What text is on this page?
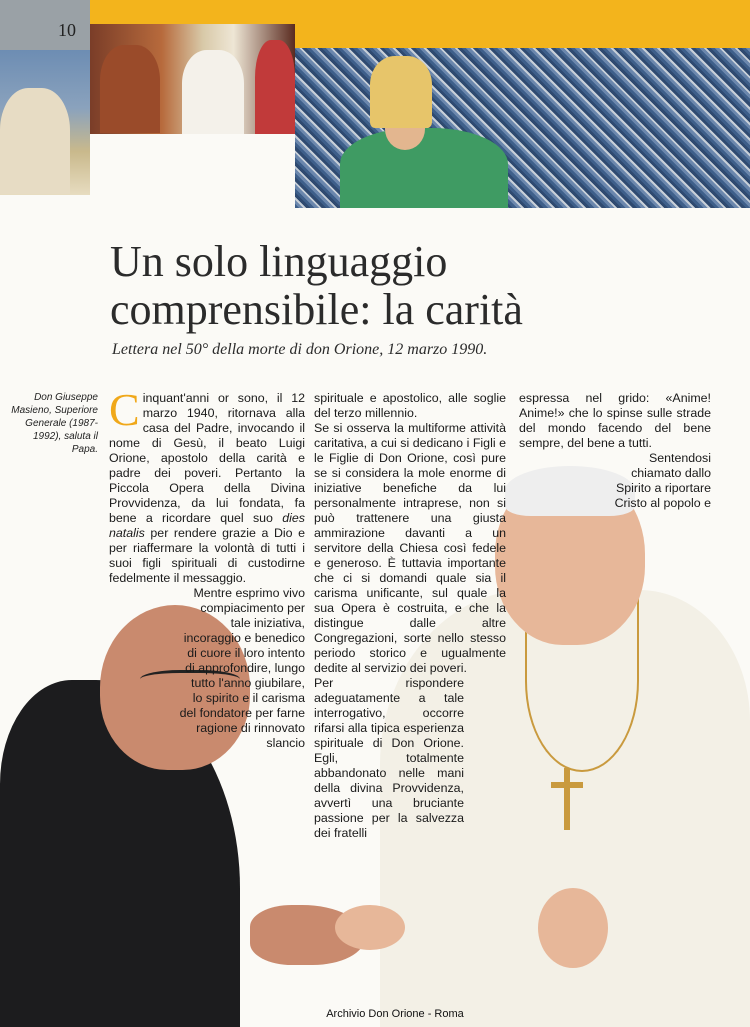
10
Un solo linguaggio
comprensibile: la carità
Lettera nel 50° della morte di don Orione, 12 marzo 1990.
Don Giuseppe Masieno, Superiore Generale (1987-1992), saluta il Papa.

Cinquant'anni or sono, il 12 marzo 1940, ritornava alla casa del Padre, invocando il nome di Gesù, il beato Luigi Orione, apostolo della carità e padre dei poveri. Pertanto la Piccola Opera della Divina Provvidenza, da lui fondata, fa bene a ricordare quel suo dies natalis per rendere grazie a Dio e per riaffermare la volontà di tutti i suoi figli spirituali di custodirne fedelmente il messaggio.

Mentre esprimo vivo compiacimento per tale iniziativa, incoraggio e benedico di cuore il loro intento di approfondire, lungo tutto l'anno giubilare, lo spirito e il carisma del fondatore per farne ragione di rinnovato slancio

spirituale e apostolico, alle soglie del terzo millennio.

Se si osserva la multiforme attività caritativa, a cui si dedicano i Figli e le Figlie di Don Orione, così pure se si considera la mole enorme di iniziative benefiche da lui personalmente intraprese, non si può trattenere una giusta ammirazione davanti a un servitore della Chiesa così fedele e generoso. È tuttavia importante che ci si domandi quale sia il carisma unificante, sul quale la sua Opera è costruita, e che la distingue dalle altre Congregazioni, sorte nello stesso periodo storico e ugualmente dedite al servizio dei poveri.

Per rispondere adeguatamente a tale interrogativo, occorre rifarsi alla tipica esperienza spirituale di Don Orione. Egli, totalmente abbandonato nelle mani della divina Provvidenza, avvertì una bruciante passione per la salvezza dei fratelli

espressa nel grido: «Anime! Anime!» che lo spinse sulle strade del mondo facendo del bene sempre, del bene a tutti.

Sentendosi chiamato dallo Spirito a riportare Cristo al popolo e

Archivio Don Orione - Roma
